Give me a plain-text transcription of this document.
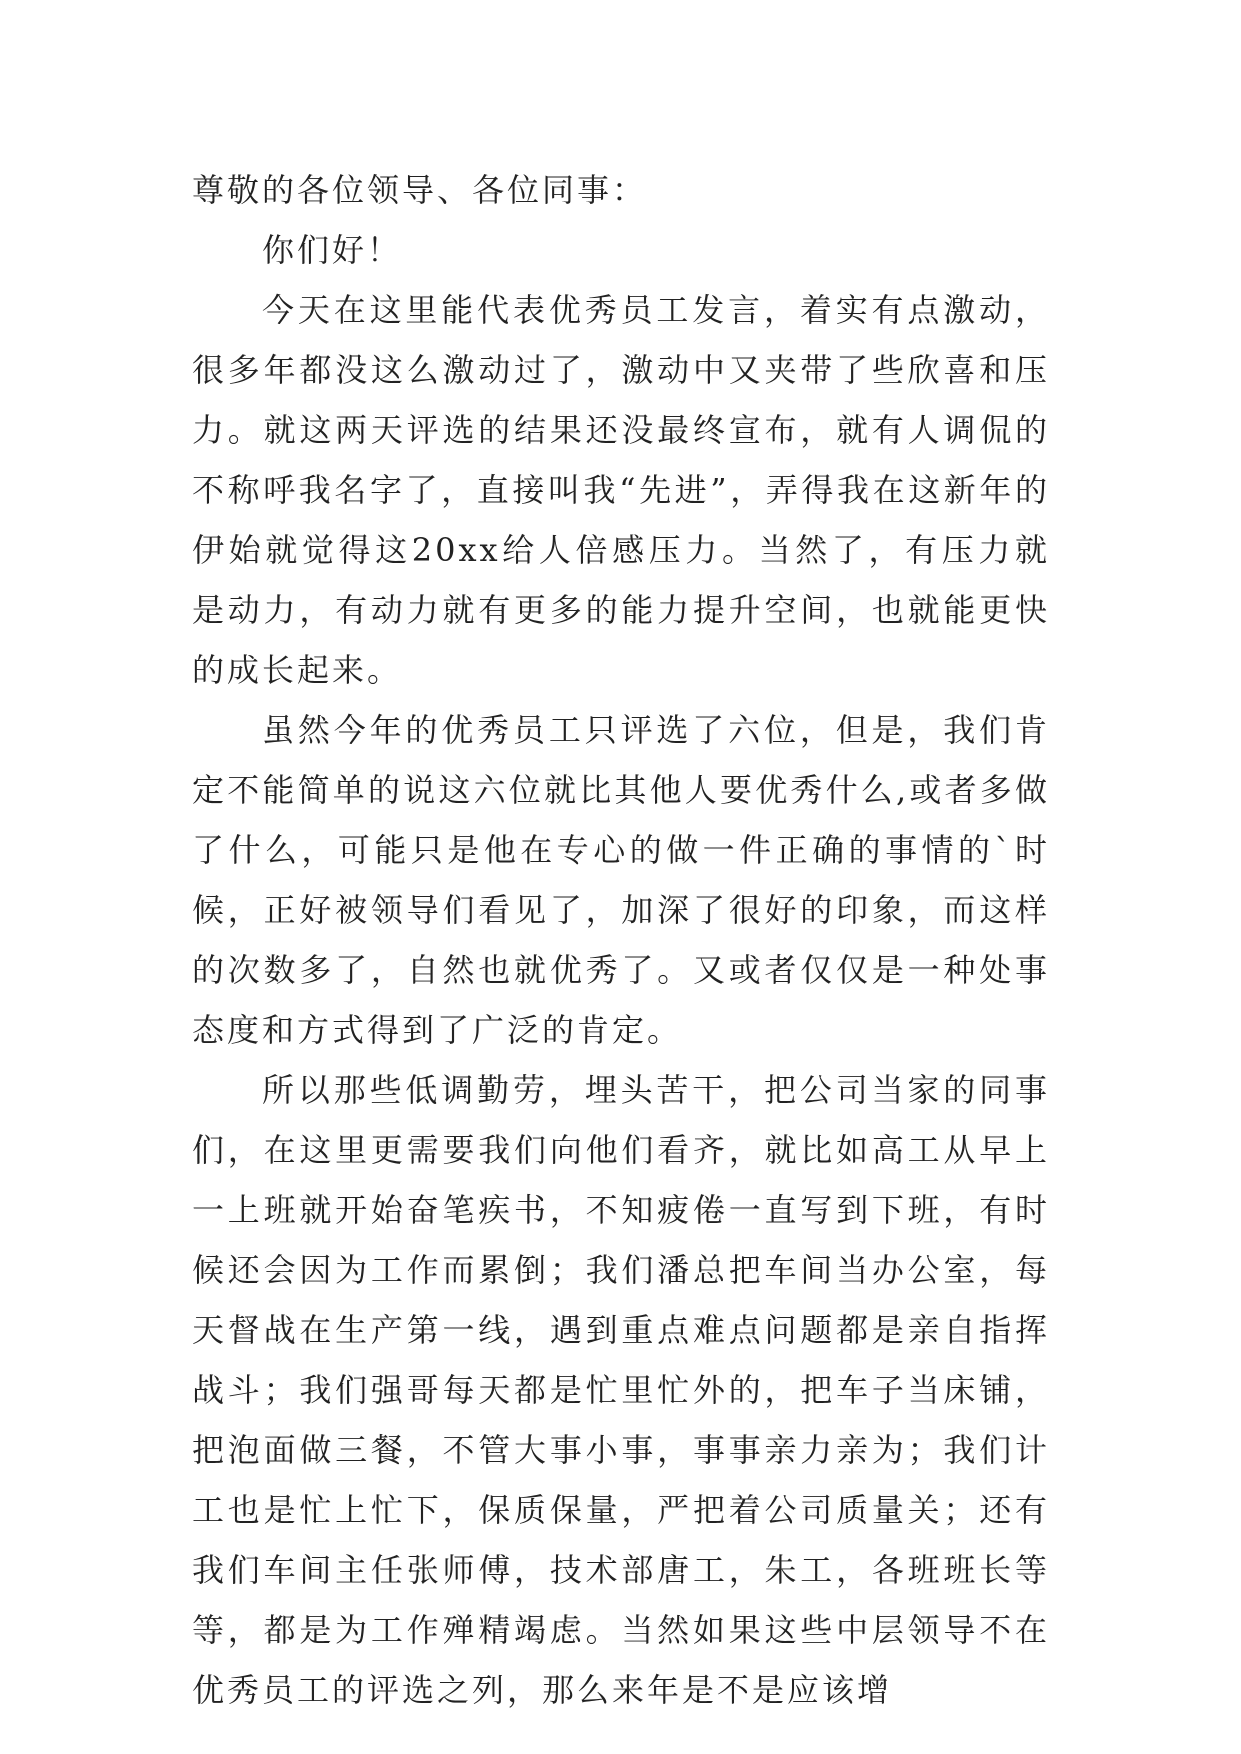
尊敬的各位领导、各位同事：

你们好！

今天在这里能代表优秀员工发言，着实有点激动，很多年都没这么激动过了，激动中又夹带了些欣喜和压力。就这两天评选的结果还没最终宣布，就有人调侃的不称呼我名字了，直接叫我“先进”，弄得我在这新年的伊始就觉得这20xx给人倍感压力。当然了，有压力就是动力，有动力就有更多的能力提升空间，也就能更快的成长起来。

虽然今年的优秀员工只评选了六位，但是，我们肯定不能简单的说这六位就比其他人要优秀什么,或者多做了什么，可能只是他在专心的做一件正确的事情的`时候，正好被领导们看见了，加深了很好的印象，而这样的次数多了，自然也就优秀了。又或者仅仅是一种处事态度和方式得到了广泛的肯定。

所以那些低调勤劳，埋头苦干，把公司当家的同事们，在这里更需要我们向他们看齐，就比如高工从早上一上班就开始奋笔疾书，不知疲倦一直写到下班，有时候还会因为工作而累倒；我们潘总把车间当办公室，每天督战在生产第一线，遇到重点难点问题都是亲自指挥战斗；我们强哥每天都是忙里忙外的，把车子当床铺，把泡面做三餐，不管大事小事，事事亲力亲为；我们计工也是忙上忙下，保质保量，严把着公司质量关；还有我们车间主任张师傅，技术部唐工，朱工，各班班长等等，都是为工作殚精竭虑。当然如果这些中层领导不在优秀员工的评选之列，那么来年是不是应该增
